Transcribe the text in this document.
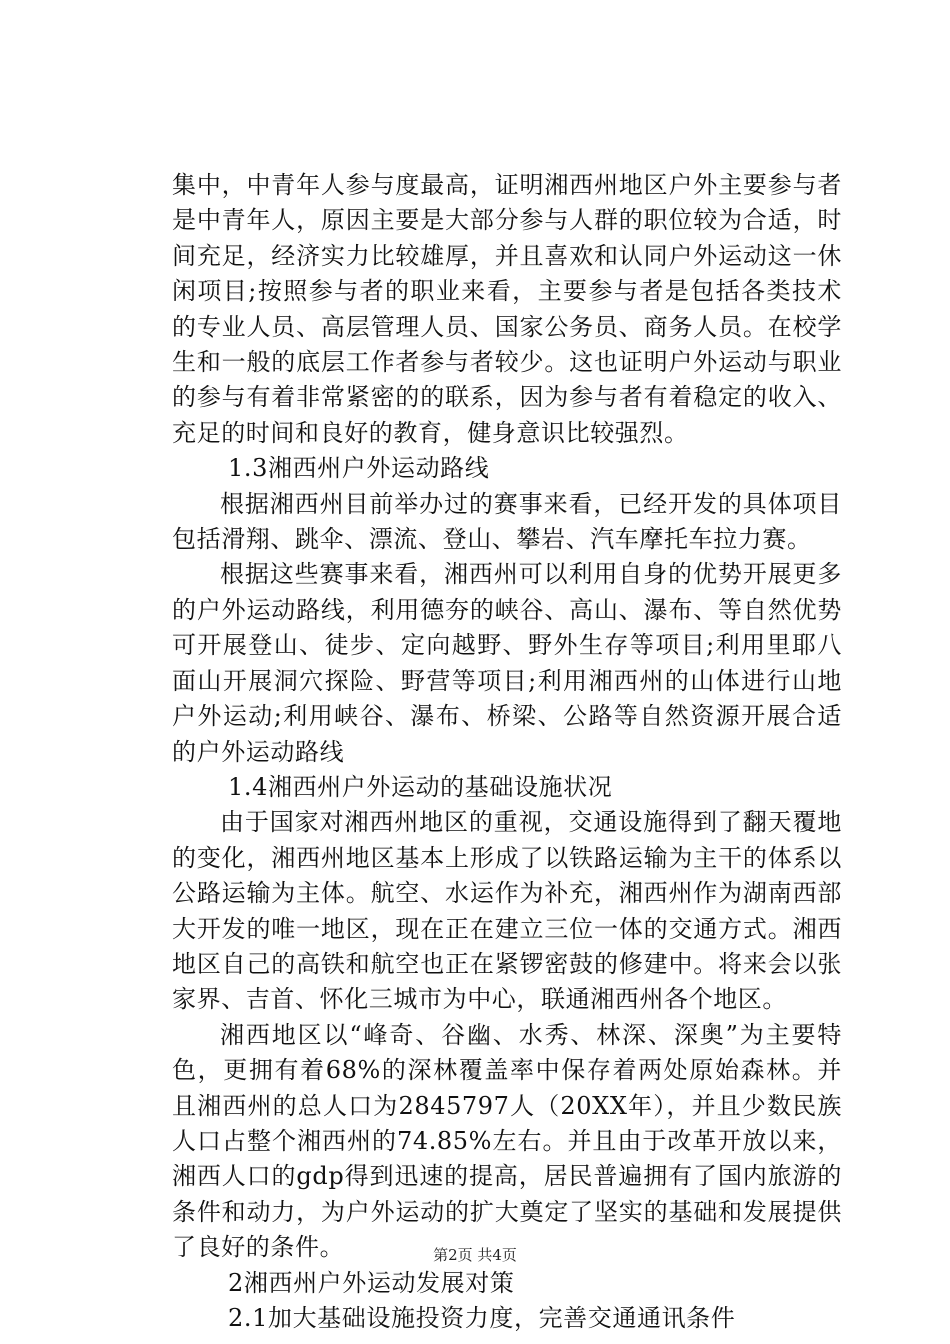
集中，中青年人参与度最高，证明湘西州地区户外主要参与者是中青年人，原因主要是大部分参与人群的职位较为合适，时间充足，经济实力比较雄厚，并且喜欢和认同户外运动这一休闲项目;按照参与者的职业来看，主要参与者是包括各类技术的专业人员、高层管理人员、国家公务员、商务人员。在校学生和一般的底层工作者参与者较少。这也证明户外运动与职业的参与有着非常紧密的的联系，因为参与者有着稳定的收入、充足的时间和良好的教育，健身意识比较强烈。

1.3湘西州户外运动路线

根据湘西州目前举办过的赛事来看，已经开发的具体项目包括滑翔、跳伞、漂流、登山、攀岩、汽车摩托车拉力赛。

根据这些赛事来看，湘西州可以利用自身的优势开展更多的户外运动路线，利用德夯的峡谷、高山、瀑布、等自然优势可开展登山、徒步、定向越野、野外生存等项目;利用里耶八面山开展洞穴探险、野营等项目;利用湘西州的山体进行山地户外运动;利用峡谷、瀑布、桥梁、公路等自然资源开展合适的户外运动路线

1.4湘西州户外运动的基础设施状况

由于国家对湘西州地区的重视，交通设施得到了翻天覆地的变化，湘西州地区基本上形成了以铁路运输为主干的体系以公路运输为主体。航空、水运作为补充，湘西州作为湖南西部大开发的唯一地区，现在正在建立三位一体的交通方式。湘西地区自己的高铁和航空也正在紧锣密鼓的修建中。将来会以张家界、吉首、怀化三城市为中心，联通湘西州各个地区。

湘西地区以“峰奇、谷幽、水秀、林深、深奥”为主要特色，更拥有着68%的深林覆盖率中保存着两处原始森林。并且湘西州的总人口为2845797人（20XX年），并且少数民族人口占整个湘西州的74.85%左右。并且由于改革开放以来，湘西人口的gdp得到迅速的提高，居民普遍拥有了国内旅游的条件和动力，为户外运动的扩大奠定了坚实的基础和发展提供了良好的条件。

2湘西州户外运动发展对策

2.1加大基础设施投资力度，完善交通通讯条件

第2页 共4页
